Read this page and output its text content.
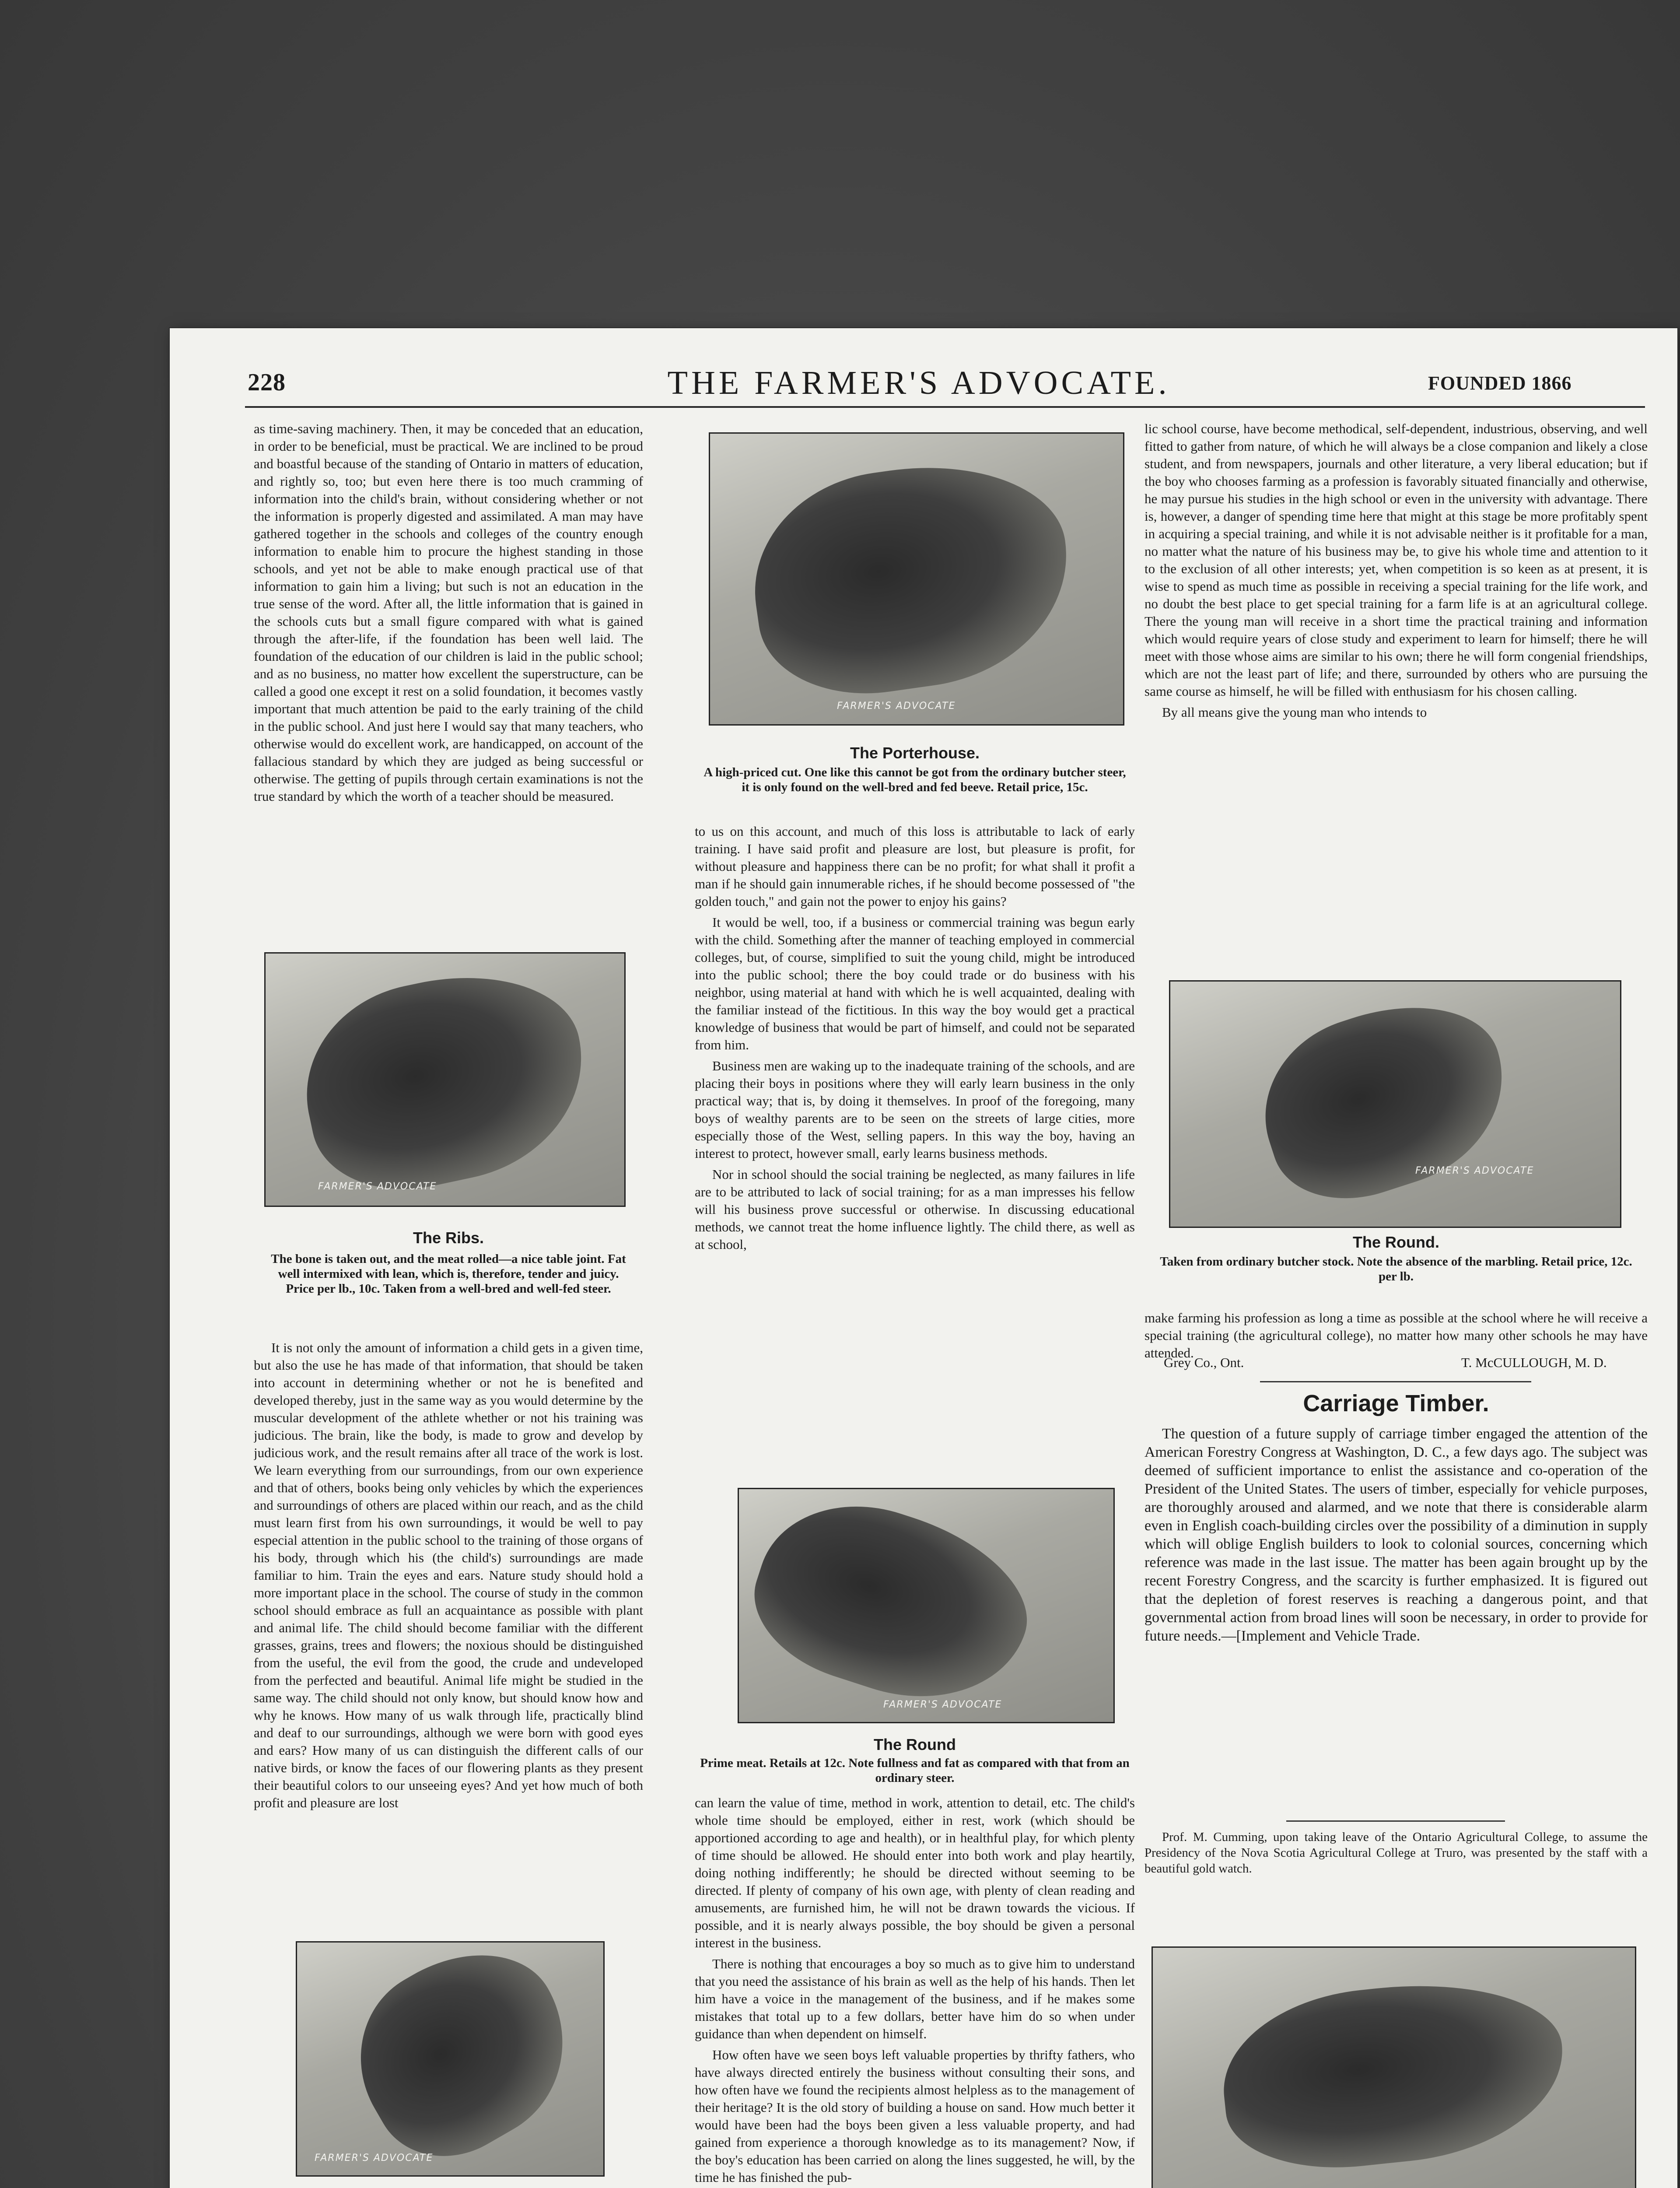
228	THE FARMER'S ADVOCATE.	FOUNDED 1866

as time-saving machinery. Then, it may be conceded that an education, in order to be beneficial, must be practical. We are inclined to be proud and boastful because of the standing of Ontario in matters of education, and rightly so, too; but even here there is too much cramming of information into the child's brain, without considering whether or not the information is properly digested and assimilated. A man may have gathered together in the schools and colleges of the country enough information to enable him to procure the highest standing in those schools, and yet not be able to make enough practical use of that information to gain him a living; but such is not an education in the true sense of the word. After all, the little information that is gained in the schools cuts but a small figure compared with what is gained through the after-life, if the foundation has been well laid. The foundation of the education of our children is laid in the public school; and as no business, no matter how excellent the superstructure, can be called a good one except it rest on a solid foundation, it becomes vastly important that much attention be paid to the early training of the child in the public school. And just here I would say that many teachers, who otherwise would do excellent work, are handicapped, on account of the fallacious standard by which they are judged as being successful or otherwise. The getting of pupils through certain examinations is not the true standard by which the worth of a teacher should be measured.

FARMER'S ADVOCATE
The Ribs.
The bone is taken out, and the meat rolled—a nice table joint. Fat well intermixed with lean, which is, therefore, tender and juicy. Price per lb., 10c. Taken from a well-bred and well-fed steer.

It is not only the amount of information a child gets in a given time, but also the use he has made of that information, that should be taken into account in determining whether or not he is benefited and developed thereby, just in the same way as you would determine by the muscular development of the athlete whether or not his training was judicious. The brain, like the body, is made to grow and develop by judicious work, and the result remains after all trace of the work is lost. We learn everything from our surroundings, from our own experience and that of others, books being only vehicles by which the experiences and surroundings of others are placed within our reach, and as the child must learn first from his own surroundings, it would be well to pay especial attention in the public school to the training of those organs of his body, through which his (the child's) surroundings are made familiar to him. Train the eyes and ears. Nature study should hold a more important place in the school. The course of study in the common school should embrace as full an acquaintance as possible with plant and animal life. The child should become familiar with the different grasses, grains, trees and flowers; the noxious should be distinguished from the useful, the evil from the good, the crude and undeveloped from the perfected and beautiful. Animal life might be studied in the same way. The child should not only know, but should know how and why he knows. How many of us walk through life, practically blind and deaf to our surroundings, although we were born with good eyes and ears? How many of us can distinguish the different calls of our native birds, or know the faces of our flowering plants as they present their beautiful colors to our unseeing eyes? And yet how much of both profit and pleasure are lost

FARMER'S ADVOCATE
FARMER'S ADVOCATE
The Porterhouse.
A high-priced cut. One like this cannot be got from the ordinary butcher steer, it is only found on the well-bred and fed beeve. Retail price, 15c.

to us on this account, and much of this loss is attributable to lack of early training. I have said profit and pleasure are lost, but pleasure is profit, for without pleasure and happiness there can be no profit; for what shall it profit a man if he should gain innumerable riches, if he should become possessed of "the golden touch," and gain not the power to enjoy his gains?

It would be well, too, if a business or commercial training was begun early with the child. Something after the manner of teaching employed in commercial colleges, but, of course, simplified to suit the young child, might be introduced into the public school; there the boy could trade or do business with his neighbor, using material at hand with which he is well acquainted, dealing with the familiar instead of the fictitious. In this way the boy would get a practical knowledge of business that would be part of himself, and could not be separated from him.

Business men are waking up to the inadequate training of the schools, and are placing their boys in positions where they will early learn business in the only practical way; that is, by doing it themselves. In proof of the foregoing, many boys of wealthy parents are to be seen on the streets of large cities, more especially those of the West, selling papers. In this way the boy, having an interest to protect, however small, early learns business methods.

Nor in school should the social training be neglected, as many failures in life are to be attributed to lack of social training; for as a man impresses his fellow will his business prove successful or otherwise. In discussing educational methods, we cannot treat the home influence lightly. The child there, as well as at school,

FARMER'S ADVOCATE
The Round
Prime meat. Retails at 12c. Note fullness and fat as compared with that from an ordinary steer.

can learn the value of time, method in work, attention to detail, etc. The child's whole time should be employed, either in rest, work (which should be apportioned according to age and health), or in healthful play, for which plenty of time should be allowed. He should enter into both work and play heartily, doing nothing indifferently; he should be directed without seeming to be directed. If plenty of company of his own age, with plenty of clean reading and amusements, are furnished him, he will not be drawn towards the vicious. If possible, and it is nearly always possible, the boy should be given a personal interest in the business.

There is nothing that encourages a boy so much as to give him to understand that you need the assistance of his brain as well as the help of his hands. Then let him have a voice in the management of the business, and if he makes some mistakes that total up to a few dollars, better have him do so when under guidance than when dependent on himself.

How often have we seen boys left valuable properties by thrifty fathers, who have always directed entirely the business without consulting their sons, and how often have we found the recipients almost helpless as to the management of their heritage? It is the old story of building a house on sand. How much better it would have been had the boys been given a less valuable property, and had gained from experience a thorough knowledge as to its management? Now, if the boy's education has been carried on along the lines suggested, he will, by the time he has finished the pub-

lic school course, have become methodical, self-dependent, industrious, observing, and well fitted to gather from nature, of which he will always be a close companion and likely a close student, and from newspapers, journals and other literature, a very liberal education; but if the boy who chooses farming as a profession is favorably situated financially and otherwise, he may pursue his studies in the high school or even in the university with advantage. There is, however, a danger of spending time here that might at this stage be more profitably spent in acquiring a special training, and while it is not advisable neither is it profitable for a man, no matter what the nature of his business may be, to give his whole time and attention to it to the exclusion of all other interests; yet, when competition is so keen as at present, it is wise to spend as much time as possible in receiving a special training for the life work, and no doubt the best place to get special training for a farm life is at an agricultural college. There the young man will receive in a short time the practical training and information which would require years of close study and experiment to learn for himself; there he will meet with those whose aims are similar to his own; there he will form congenial friendships, which are not the least part of life; and there, surrounded by others who are pursuing the same course as himself, he will be filled with enthusiasm for his chosen calling.

By all means give the young man who intends to

FARMER'S ADVOCATE
The Round.
Taken from ordinary butcher stock. Note the absence of the marbling. Retail price, 12c. per lb.

make farming his profession as long a time as possible at the school where he will receive a special training (the agricultural college), no matter how many other schools he may have attended.

Grey Co., Ont.	T. McCULLOUGH, M. D.
Carriage Timber.

The question of a future supply of carriage timber engaged the attention of the American Forestry Congress at Washington, D. C., a few days ago. The subject was deemed of sufficient importance to enlist the assistance and co-operation of the President of the United States. The users of timber, especially for vehicle purposes, are thoroughly aroused and alarmed, and we note that there is considerable alarm even in English coach-building circles over the possibility of a diminution in supply which will oblige English builders to look to colonial sources, concerning which reference was made in the last issue. The matter has been again brought up by the recent Forestry Congress, and the scarcity is further emphasized. It is figured out that the depletion of forest reserves is reaching a dangerous point, and that governmental action from broad lines will soon be necessary, in order to provide for future needs.—[Implement and Vehicle Trade.

Prof. M. Cumming, upon taking leave of the Ontario Agricultural College, to assume the Presidency of the Nova Scotia Agricultural College at Truro, was presented by the staff with a beautiful gold watch.
